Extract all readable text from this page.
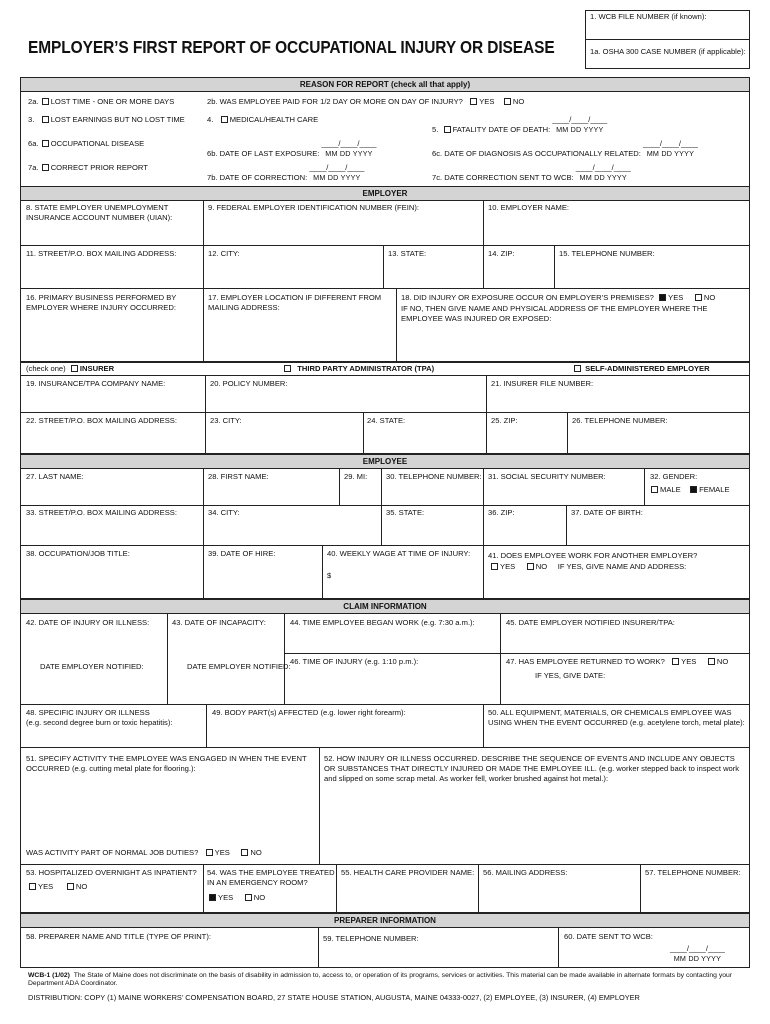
EMPLOYER’S FIRST REPORT OF OCCUPATIONAL INJURY OR DISEASE
1. WCB FILE NUMBER (if known):
1a. OSHA 300 CASE NUMBER (if applicable):
REASON FOR REPORT (check all that apply)
2a. LOST TIME - ONE OR MORE DAYS	2b. WAS EMPLOYEE PAID FOR 1/2 DAY OR MORE ON DAY OF INJURY? YES NO
3. LOST EARNINGS BUT NO LOST TIME	4. MEDICAL/HEALTH CARE
5. FATALITY DATE OF DEATH:
____/____/____
MM DD YYYY
6a. OCCUPATIONAL DISEASE
6b. DATE OF LAST EXPOSURE:
____/____/____
MM DD YYYY	6c. DATE OF DIAGNOSIS AS OCCUPATIONALLY RELATED:
____/____/____
MM DD YYYY
7a. CORRECT PRIOR REPORT
7b. DATE OF CORRECTION:
____/____/____
MM DD YYYY	7c. DATE CORRECTION SENT TO WCB:
____/____/____
MM DD YYYY
EMPLOYER
8. STATE EMPLOYER UNEMPLOYMENT INSURANCE ACCOUNT NUMBER (UIAN):
9. FEDERAL EMPLOYER IDENTIFICATION NUMBER (FEIN):	10. EMPLOYER NAME:
11. STREET/P.O. BOX MAILING ADDRESS:	12. CITY:	13. STATE:	14. ZIP:	15. TELEPHONE NUMBER:
16. PRIMARY BUSINESS PERFORMED BY EMPLOYER WHERE INJURY OCCURRED:
17. EMPLOYER LOCATION IF DIFFERENT FROM MAILING ADDRESS:
18. DID INJURY OR EXPOSURE OCCUR ON EMPLOYER’S PREMISES? YES	NO
IF NO, THEN GIVE NAME AND PHYSICAL ADDRESS OF THE EMPLOYER WHERE THE EMPLOYEE WAS INJURED OR EXPOSED:
(check one) INSURER	THIRD PARTY ADMINISTRATOR (TPA)	SELF-ADMINISTERED EMPLOYER
19. INSURANCE/TPA COMPANY NAME:	20. POLICY NUMBER:	21. INSURER FILE NUMBER:
22. STREET/P.O. BOX MAILING ADDRESS:	23. CITY:	24. STATE:	25. ZIP:	26. TELEPHONE NUMBER:
EMPLOYEE
27. LAST NAME:	28. FIRST NAME:	29. MI: 30. TELEPHONE NUMBER: 31. SOCIAL SECURITY NUMBER:	32. GENDER:
MALE FEMALE
33. STREET/P.O. BOX MAILING ADDRESS:	34. CITY:	35. STATE:	36. ZIP:	37. DATE OF BIRTH:
38. OCCUPATION/JOB TITLE:	39. DATE OF HIRE:	40. WEEKLY WAGE AT TIME OF INJURY:
$
41. DOES EMPLOYEE WORK FOR ANOTHER EMPLOYER?
YES	NO IF YES, GIVE NAME AND ADDRESS:
CLAIM INFORMATION
42. DATE OF INJURY OR ILLNESS:	43. DATE OF INCAPACITY:	44. TIME EMPLOYEE BEGAN WORK (e.g. 7:30 a.m.):	45. DATE EMPLOYER NOTIFIED INSURER/TPA:
DATE EMPLOYER NOTIFIED:	DATE EMPLOYER NOTIFIED:
46. TIME OF INJURY (e.g. 1:10 p.m.):	47. HAS EMPLOYEE RETURNED TO WORK? YES	NO
IF YES, GIVE DATE:
48. SPECIFIC INJURY OR ILLNESS
(e.g. second degree burn or toxic hepatitis):
49. BODY PART(s) AFFECTED (e.g. lower right forearm):	50. ALL EQUIPMENT, MATERIALS, OR CHEMICALS EMPLOYEE WAS USING WHEN THE EVENT OCCURRED (e.g. acetylene torch, metal plate):
51. SPECIFY ACTIVITY THE EMPLOYEE WAS ENGAGED IN WHEN THE EVENT OCCURRED (e.g. cutting metal plate for flooring.):
52. HOW INJURY OR ILLNESS OCCURRED. DESCRIBE THE SEQUENCE OF EVENTS AND INCLUDE ANY OBJECTS OR SUBSTANCES THAT DIRECTLY INJURED OR MADE THE EMPLOYEE ILL. (e.g. worker stepped back to inspect work and slipped on some scrap metal. As worker fell, worker brushed against hot metal.):
WAS ACTIVITY PART OF NORMAL JOB DUTIES? YES	NO
53. HOSPITALIZED OVERNIGHT AS INPATIENT?
YES	NO
54. WAS THE EMPLOYEE TREATED IN AN EMERGENCY ROOM?
YES	NO
55. HEALTH CARE PROVIDER NAME: 56. MAILING ADDRESS:	57. TELEPHONE NUMBER:
PREPARER INFORMATION
58. PREPARER NAME AND TITLE (TYPE OF PRINT):	59. TELEPHONE NUMBER:	60. DATE SENT TO WCB:
____/____/____
MM DD YYYY
WCB-1 (1/02) The State of Maine does not discriminate on the basis of disability in admission to, access to, or operation of its programs, services or activities. This material can be made available in alternate formats by contacting your Department ADA Coordinator.
DISTRIBUTION: COPY (1) MAINE WORKERS’ COMPENSATION BOARD, 27 STATE HOUSE STATION, AUGUSTA, MAINE 04333-0027, (2) EMPLOYEE, (3) INSURER, (4) EMPLOYER
